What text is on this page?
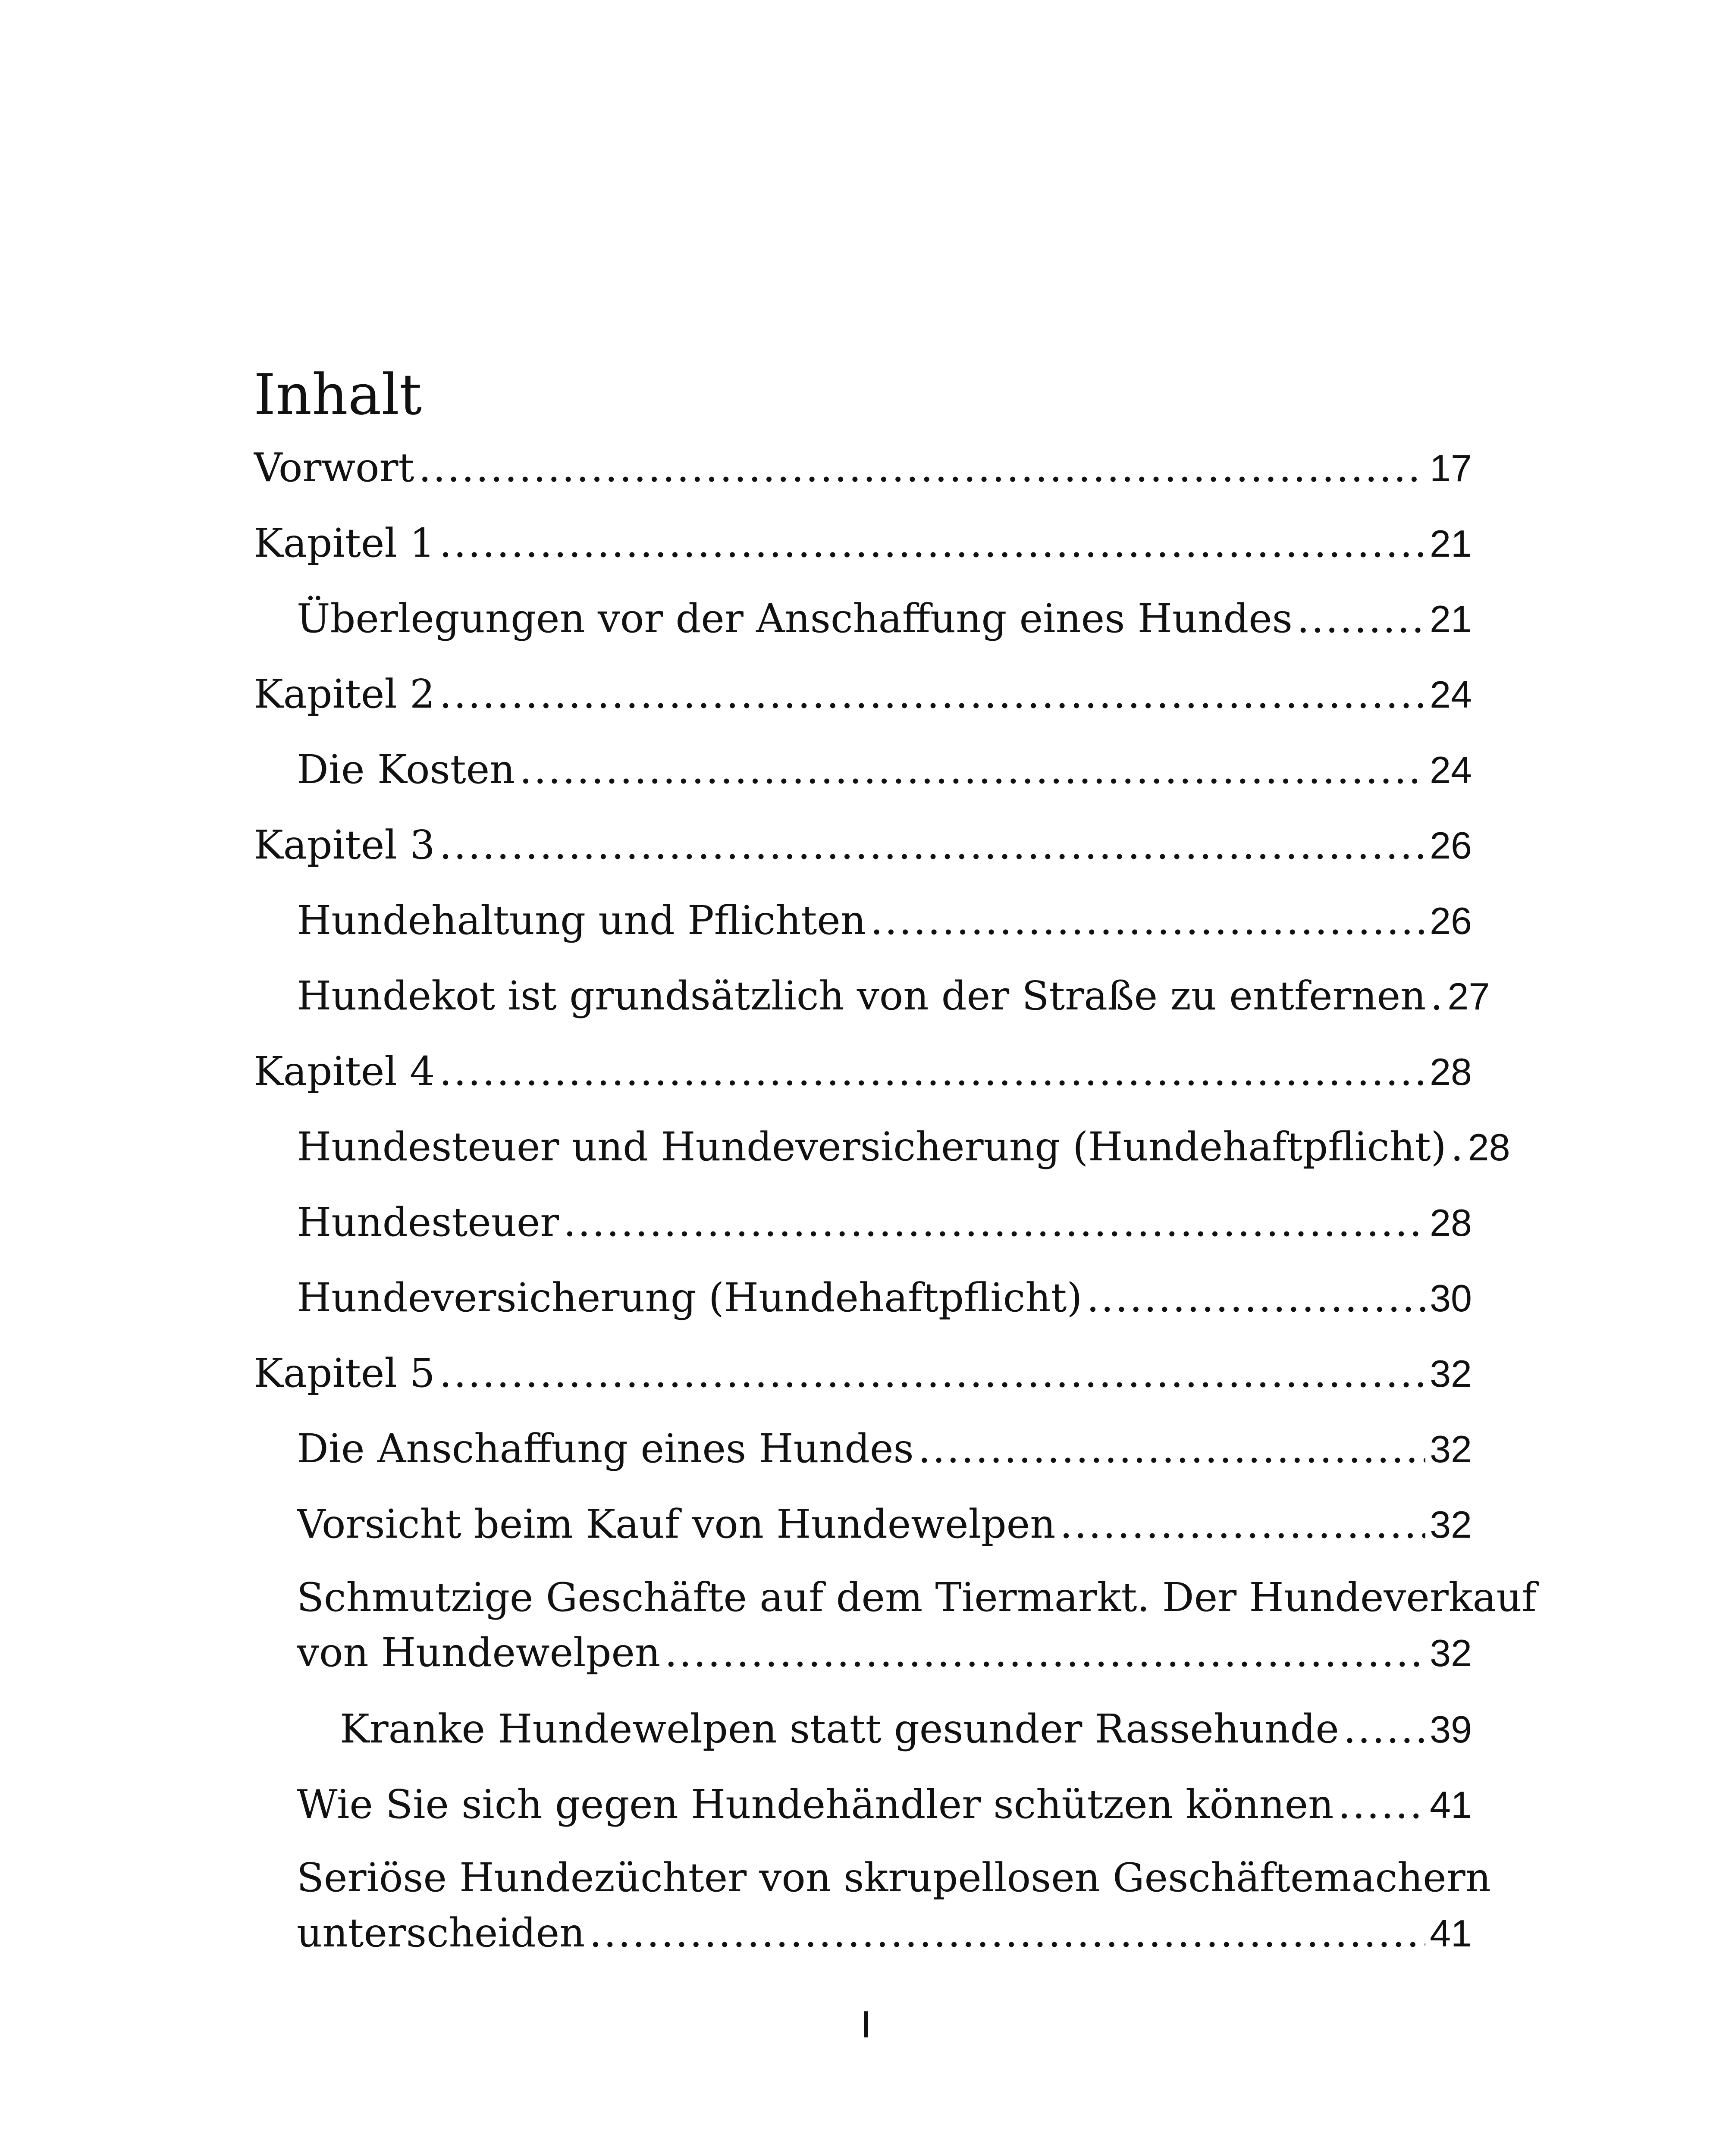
Inhalt
Vorwort .....	17
Kapitel 1 .....	21
Überlegungen vor der Anschaffung eines Hundes .....	21
Kapitel 2 .....	24
Die Kosten .....	24
Kapitel 3 .....	26
Hundehaltung und Pflichten .....	26
Hundekot ist grundsätzlich von der Straße zu entfernen ..... 27
Kapitel 4 .....	28
Hundesteuer und Hundeversicherung (Hundehaftpflicht) ..... 28
Hundesteuer .....	28
Hundeversicherung (Hundehaftpflicht) .....	30
Kapitel 5 .....	32
Die Anschaffung eines Hundes .....	32
Vorsicht beim Kauf von Hundewelpen .....	32
Schmutzige Geschäfte auf dem Tiermarkt. Der Hundeverkauf
von Hundewelpen .....	32
Kranke Hundewelpen statt gesunder Rassehunde ..... 39
Wie Sie sich gegen Hundehändler schützen können .....	41
Seriöse Hundezüchter von skrupellosen Geschäftemachern
unterscheiden .....	41
I
